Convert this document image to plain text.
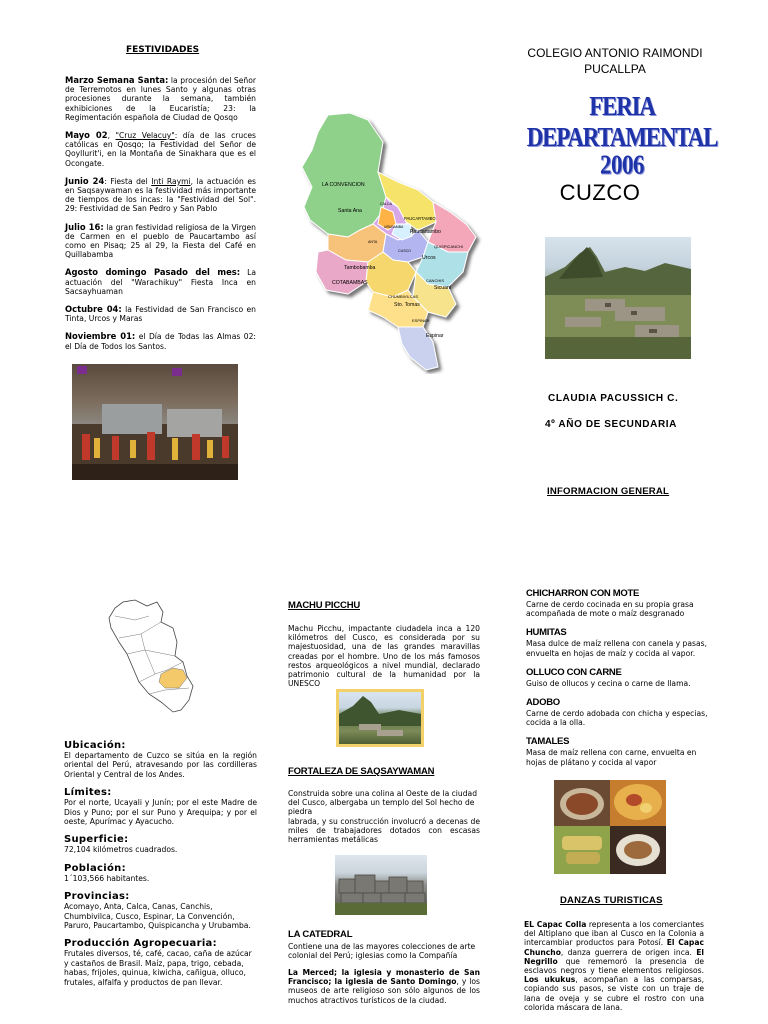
FESTIVIDADES

Marzo Semana Santa: la procesión del Señor de Terremotos en lunes Santo y algunas otras procesiones durante la semana, también exhibiciones de la Eucaristía; 23: la Regimentación española de Ciudad de Qosqo

Mayo 02, "Cruz Velacuy": día de las cruces católicas en Qosqo; la Festividad del Señor de Qoyllurit'i, en la Montaña de Sinakhara que es el Ocongate.

Junio 24: Fiesta del Inti Raymi, la actuación es en Saqsaywaman es la festividad más importante de tiempos de los incas: la "Festividad del Sol". 29: Festividad de San Pedro y San Pablo

Julio 16: la gran festividad religiosa de la Virgen de Carmen en el pueblo de Paucartambo así como en Pisaq; 25 al 29, la Fiesta del Café en Quillabamba

Agosto domingo Pasado del mes: La actuación del "Warachikuy" Fiesta Inca en Sacsayhuaman

Octubre 04: la Festividad de San Francisco en Tinta, Urcos y Maras

Noviembre 01: el Día de Todas las Almas 02: el Día de Todos los Santos.

LA CONVENCION
Santa Ana
CALCA
PAUCARTAMBO
Paucartambo
QUISPICANCHI
Urcos
URUBAMBA
ANTA
CUSCO
Tambobamba
COTABAMBAS	CANCHIS
Sicuani
CHUMBIVILCAS
Sto. Tomas
ESPINAR
Espinar
COLEGIO ANTONIO RAIMONDI
PUCALLPA
FERIA DEPARTAMENTAL
2006
CUZCO
CLAUDIA PACUSSICH C.
4º AÑO DE SECUNDARIA
INFORMACION GENERAL
Ubicación:

El departamento de Cuzco se sitúa en la región oriental del Perú, atravesando por las cordilleras Oriental y Central de los Andes.

Límites:

Por el norte, Ucayali y Junín; por el este Madre de Dios y Puno; por el sur Puno y Arequipa; y por el oeste, Apurímac y Ayacucho.

Superficie:

72,104 kilómetros cuadrados.

Población:

1´103,566 habitantes.

Provincias:

Acomayo, Anta, Calca, Canas, Canchis, Chumbivilca, Cusco, Espinar, La Convención, Paruro, Paucartambo, Quispicancha y Urubamba.

Producción Agropecuaria:

Frutales diversos, té, café, cacao, caña de azúcar y castaños de Brasil. Maíz, papa, trigo, cebada, habas, frijoles, quinua, kiwicha, cañigua, olluco, frutales, alfalfa y productos de pan llevar.

MACHU PICCHU
Machu Picchu, impactante ciudadela inca a 120 kilómetros del Cusco, es considerada por su majestuosidad, una de las grandes maravillas creadas por el hombre. Uno de los más famosos restos arqueológicos a nivel mundial, declarado patrimonio cultural de la humanidad por la UNESCO
FORTALEZA DE SAQSAYWAMAN
Construida sobre una colina al Oeste de la ciudad del Cusco, albergaba un templo del Sol hecho de piedra
labrada, y su construcción involucró a decenas de miles de trabajadores dotados con escasas herramientas metálicas
LA CATEDRAL
Contiene una de las mayores colecciones de arte colonial del Perú; iglesias como la Compañía
La Merced; la iglesia y monasterio de San Francisco; la iglesia de Santo Domingo, y los museos de arte religioso son sólo algunos de los muchos atractivos turísticos de la ciudad.
CHICHARRON CON MOTE

Carne de cerdo cocinada en su propia grasa acompañada de mote o maíz desgranado

HUMITAS

Masa dulce de maíz rellena con canela y pasas, envuelta en hojas de maíz y cocida al vapor.

OLLUCO CON CARNE

Guiso de ollucos y cecina o carne de llama.

ADOBO

Carne de cerdo adobada con chicha y especias, cocida a la olla.

TAMALES

Masa de maíz rellena con carne, envuelta en hojas de plátano y cocida al vapor

DANZAS TURISTICAS
EL Capac Colla representa a los comerciantes del Altiplano que iban al Cusco en la Colonia a intercambiar productos para Potosí. El Capac Chuncho, danza guerrera de origen inca. El Negrillo que rememoró la presencia de esclavos negros y tiene elementos religiosos. Los ukukus, acompañan a las comparsas, copiando sus pasos, se viste con un traje de lana de oveja y se cubre el rostro con una colorida máscara de lana.
